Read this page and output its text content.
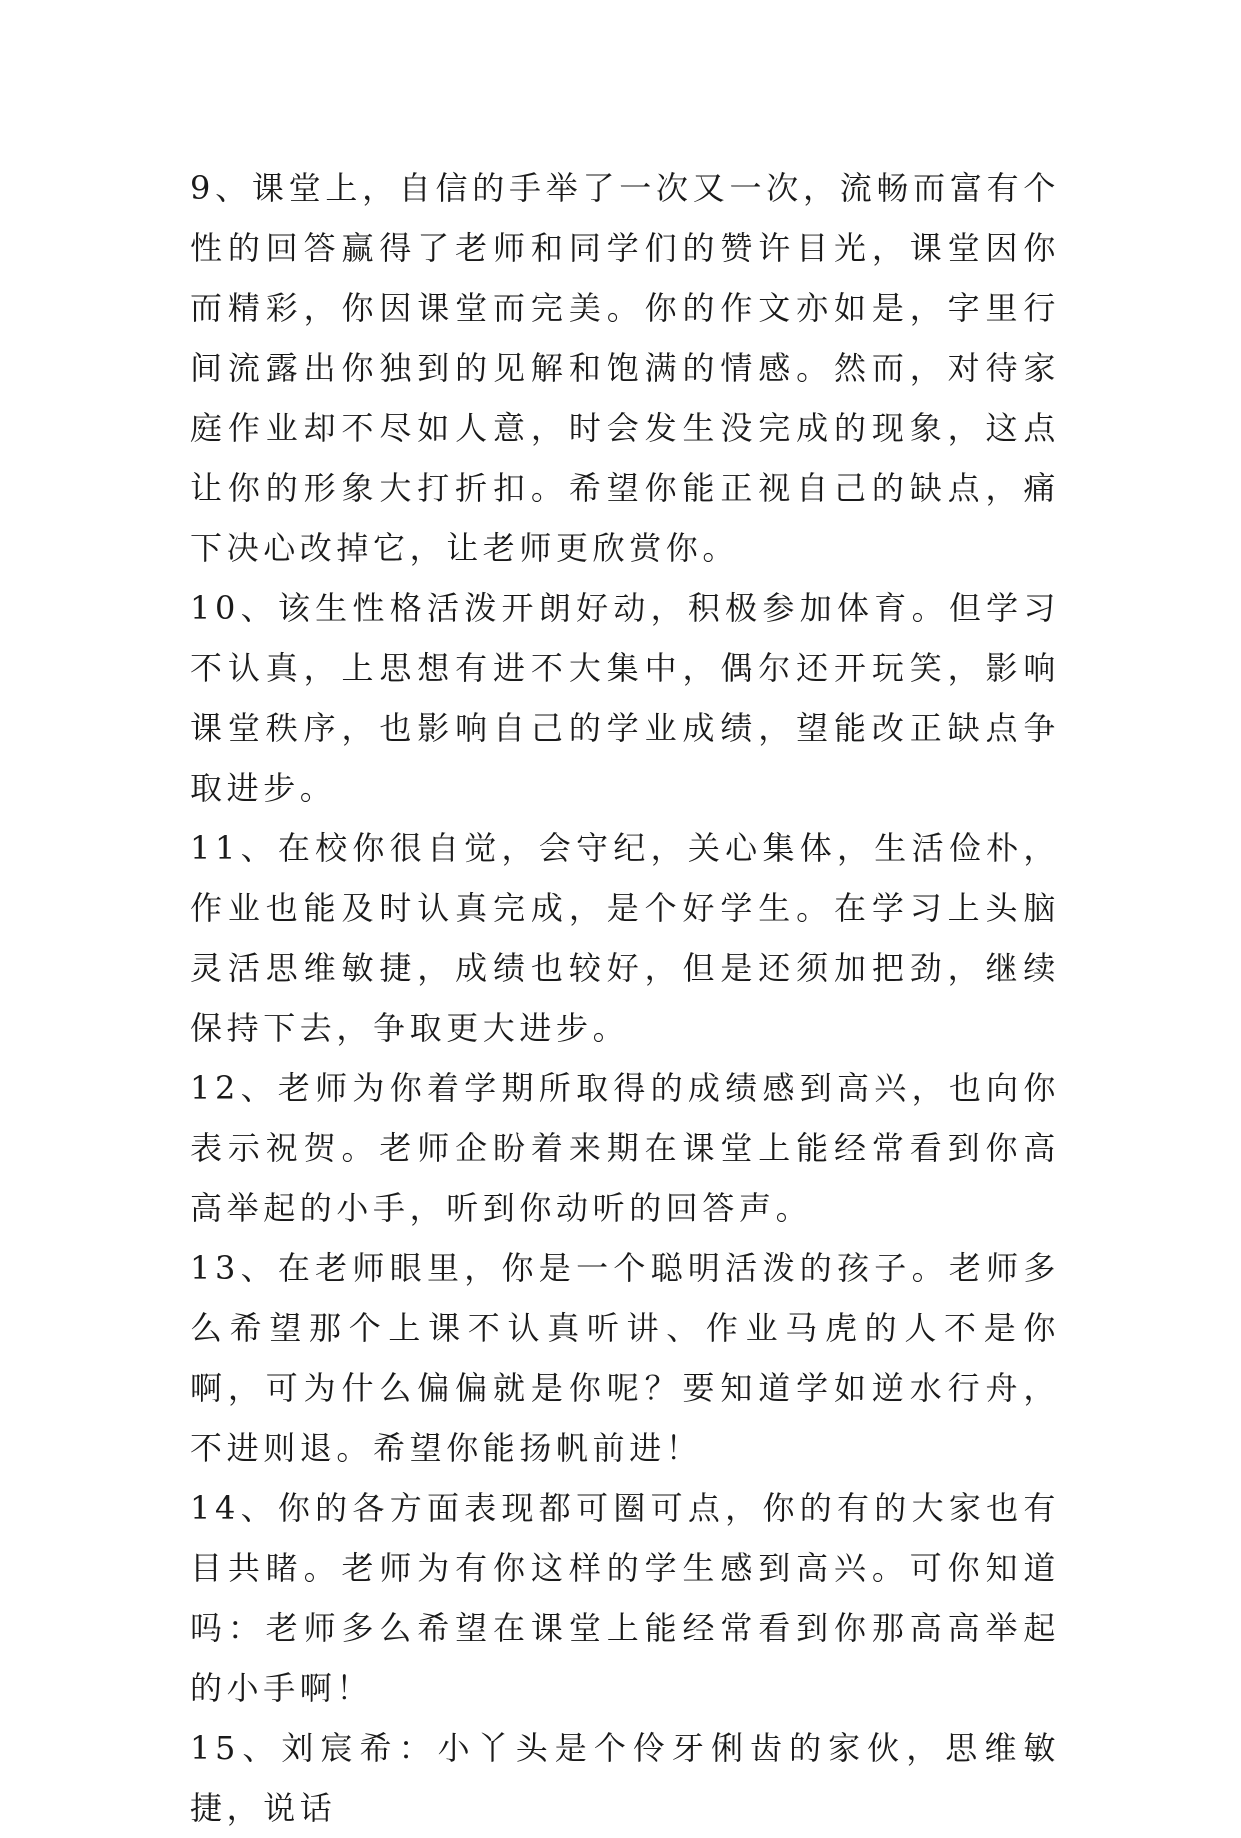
9、课堂上，自信的手举了一次又一次，流畅而富有个性的回答赢得了老师和同学们的赞许目光，课堂因你而精彩，你因课堂而完美。你的作文亦如是，字里行间流露出你独到的见解和饱满的情感。然而，对待家庭作业却不尽如人意，时会发生没完成的现象，这点让你的形象大打折扣。希望你能正视自己的缺点，痛下决心改掉它，让老师更欣赏你。

10、该生性格活泼开朗好动，积极参加体育。但学习不认真，上思想有进不大集中，偶尔还开玩笑，影响课堂秩序，也影响自己的学业成绩，望能改正缺点争取进步。

11、在校你很自觉，会守纪，关心集体，生活俭朴，作业也能及时认真完成，是个好学生。在学习上头脑灵活思维敏捷，成绩也较好，但是还须加把劲，继续保持下去，争取更大进步。

12、老师为你着学期所取得的成绩感到高兴，也向你表示祝贺。老师企盼着来期在课堂上能经常看到你高高举起的小手，听到你动听的回答声。

13、在老师眼里，你是一个聪明活泼的孩子。老师多么希望那个上课不认真听讲、作业马虎的人不是你啊，可为什么偏偏就是你呢？要知道学如逆水行舟，不进则退。希望你能扬帆前进！

14、你的各方面表现都可圈可点，你的有的大家也有目共睹。老师为有你这样的学生感到高兴。可你知道吗：老师多么希望在课堂上能经常看到你那高高举起的小手啊！

15、刘宸希：小丫头是个伶牙俐齿的家伙，思维敏捷，说话
